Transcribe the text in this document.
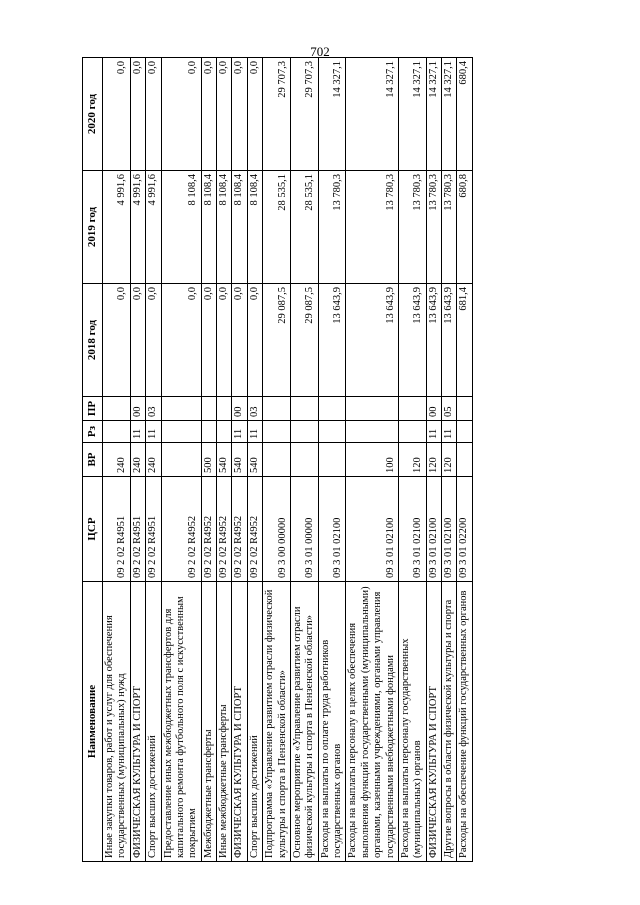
702
Наименование	ЦСР	ВР	Рз	ПР	2018 год	2019 год	2020 год
Иные закупки товаров, работ и услуг для обеспечения государственных (муниципальных) нужд	09 2 02 R4951	240			0,0	4 991,6	0,0
ФИЗИЧЕСКАЯ КУЛЬТУРА И СПОРТ	09 2 02 R4951	240	11	00	0,0	4 991,6	0,0
Спорт высших достижений	09 2 02 R4951	240	11	03	0,0	4 991,6	0,0
Предоставление иных межбюджетных трансфертов для капитального ремонта футбольного поля с искусственным покрытием	09 2 02 R4952				0,0	8 108,4	0,0
Межбюджетные трансферты	09 2 02 R4952	500			0,0	8 108,4	0,0
Иные межбюджетные трансферты	09 2 02 R4952	540			0,0	8 108,4	0,0
ФИЗИЧЕСКАЯ КУЛЬТУРА И СПОРТ	09 2 02 R4952	540	11	00	0,0	8 108,4	0,0
Спорт высших достижений	09 2 02 R4952	540	11	03	0,0	8 108,4	0,0
Подпрограмма «Управление развитием отрасли физической культуры и спорта в Пензенской области»	09 3 00 00000				29 087,5	28 535,1	29 707,3
Основное мероприятие «Управление развитием отрасли физической культуры и спорта в Пензенской области»	09 3 01 00000				29 087,5	28 535,1	29 707,3
Расходы на выплаты по оплате труда работников государственных органов	09 3 01 02100				13 643,9	13 780,3	14 327,1
Расходы на выплаты персоналу в целях обеспечения выполнения функций государственными (муниципальными) органами, казенными учреждениями, органами управления государственными внебюджетными фондами	09 3 01 02100	100			13 643,9	13 780,3	14 327,1
Расходы на выплаты персоналу государственных (муниципальных) органов	09 3 01 02100	120			13 643,9	13 780,3	14 327,1
ФИЗИЧЕСКАЯ КУЛЬТУРА И СПОРТ	09 3 01 02100	120	11	00	13 643,9	13 780,3	14 327,1
Другие вопросы в области физической культуры и спорта	09 3 01 02100	120	11	05	13 643,9	13 780,3	14 327,1
Расходы на обеспечение функций государственных органов	09 3 01 02200				681,4	680,8	680,4
